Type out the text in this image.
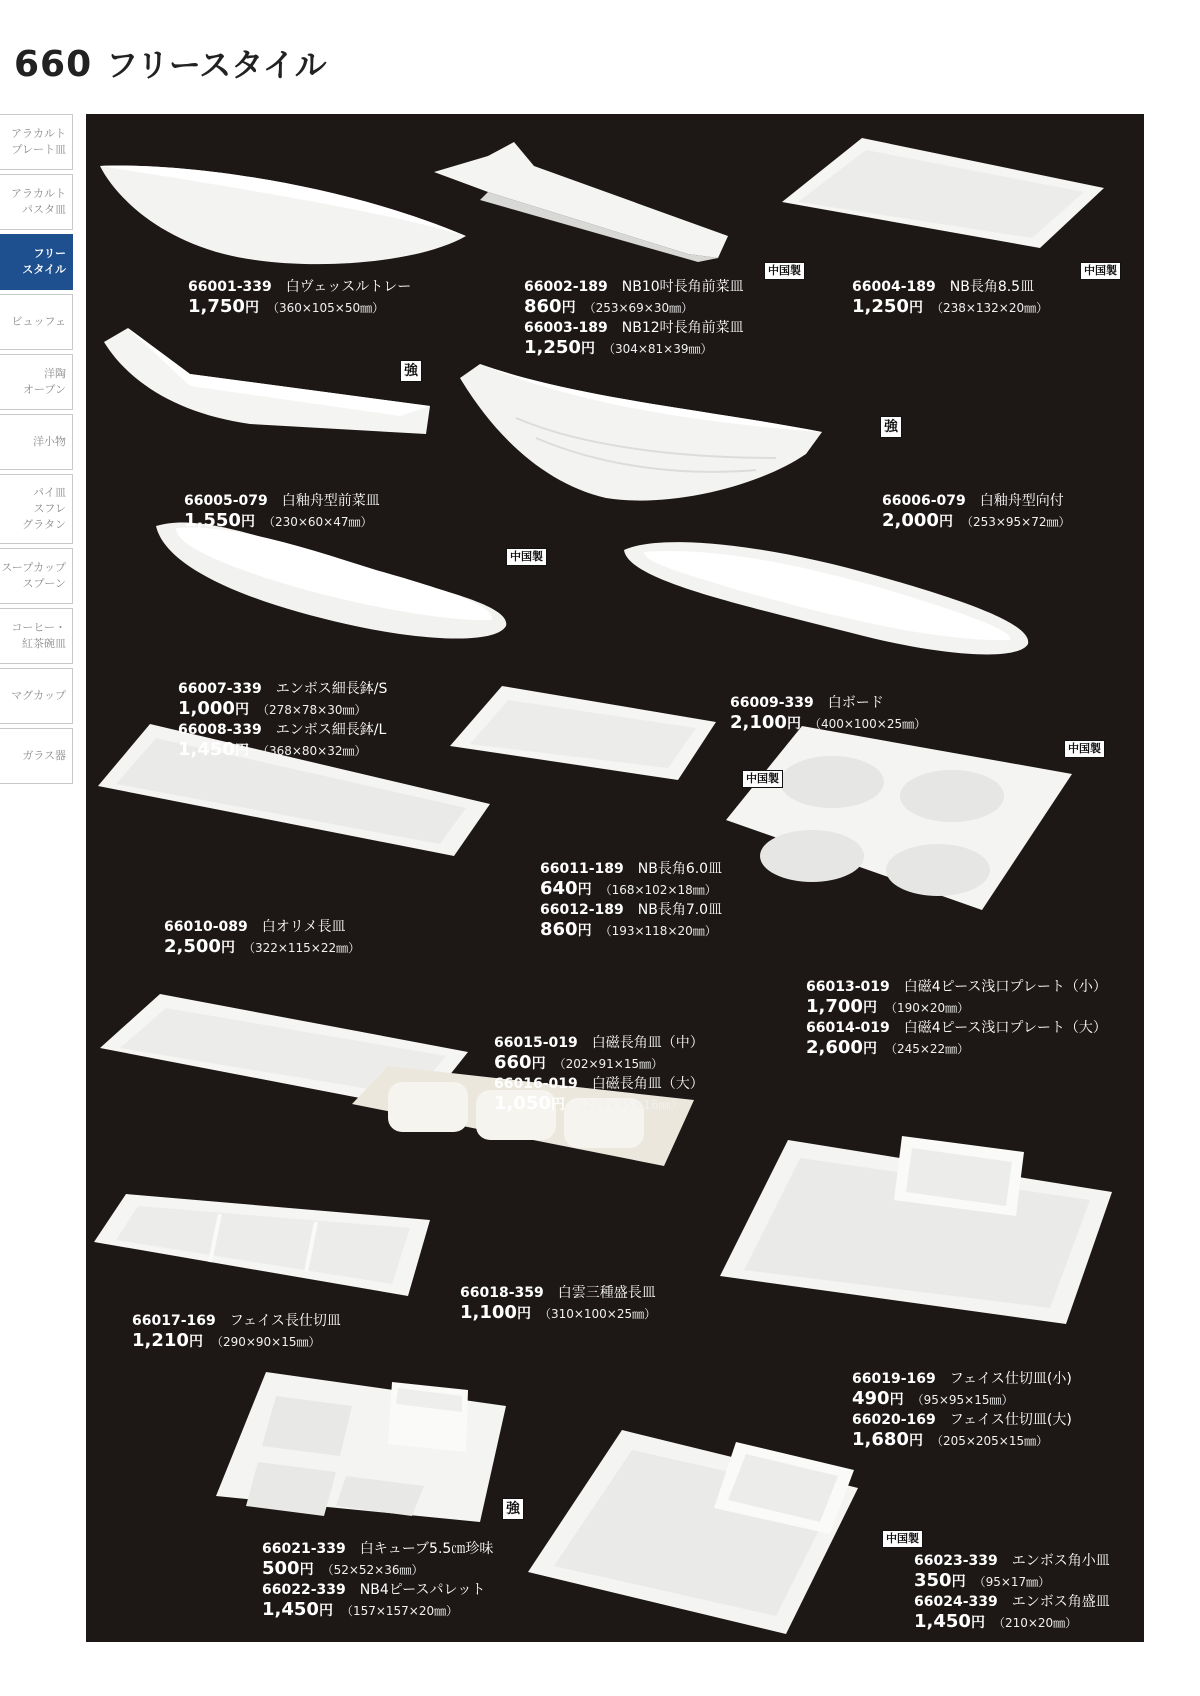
660 フリースタイル
アラカルト
プレート皿
アラカルト
パスタ皿
フリー
スタイル
ビュッフェ
洋陶
オーブン
洋小物
パイ皿
スフレ
グラタン
スープカップ
スプーン
コーヒー・
紅茶碗皿
マグカップ
ガラス器
中国製	中国製
強
強
中国製
中国製
中国製
強
中国製
66001-339 白ヴェッスルトレー
1,750円 （360×105×50㎜）
66002-189 NB10吋長角前菜皿
860円 （253×69×30㎜）
66003-189 NB12吋長角前菜皿
1,250円 （304×81×39㎜）
66004-189 NB長角8.5皿
1,250円 （238×132×20㎜）
66005-079 白釉舟型前菜皿
1,550円 （230×60×47㎜）
66006-079 白釉舟型向付
2,000円 （253×95×72㎜）
66007-339 エンボス細長鉢/S
1,000円 （278×78×30㎜）
66008-339 エンボス細長鉢/L
1,450円 （368×80×32㎜）
66009-339 白ボード
2,100円 （400×100×25㎜）
66010-089 白オリメ長皿
2,500円 （322×115×22㎜）
66011-189 NB長角6.0皿
640円 （168×102×18㎜）
66012-189 NB長角7.0皿
860円 （193×118×20㎜）
66013-019 白磁4ピース浅口プレート（小）
1,700円 （190×20㎜）
66014-019 白磁4ピース浅口プレート（大）
2,600円 （245×22㎜）
66015-019 白磁長角皿（中）
660円 （202×91×15㎜）
66016-019 白磁長角皿（大）
1,050円 （275×95×16㎜）
66017-169 フェイス長仕切皿
1,210円 （290×90×15㎜）
66018-359 白雲三種盛長皿
1,100円 （310×100×25㎜）
66019-169 フェイス仕切皿(小)
490円 （95×95×15㎜）
66020-169 フェイス仕切皿(大)
1,680円 （205×205×15㎜）
66021-339 白キューブ5.5㎝珍味
500円 （52×52×36㎜）
66022-339 NB4ピースパレット
1,450円 （157×157×20㎜）
66023-339 エンボス角小皿
350円 （95×17㎜）
66024-339 エンボス角盛皿
1,450円 （210×20㎜）
